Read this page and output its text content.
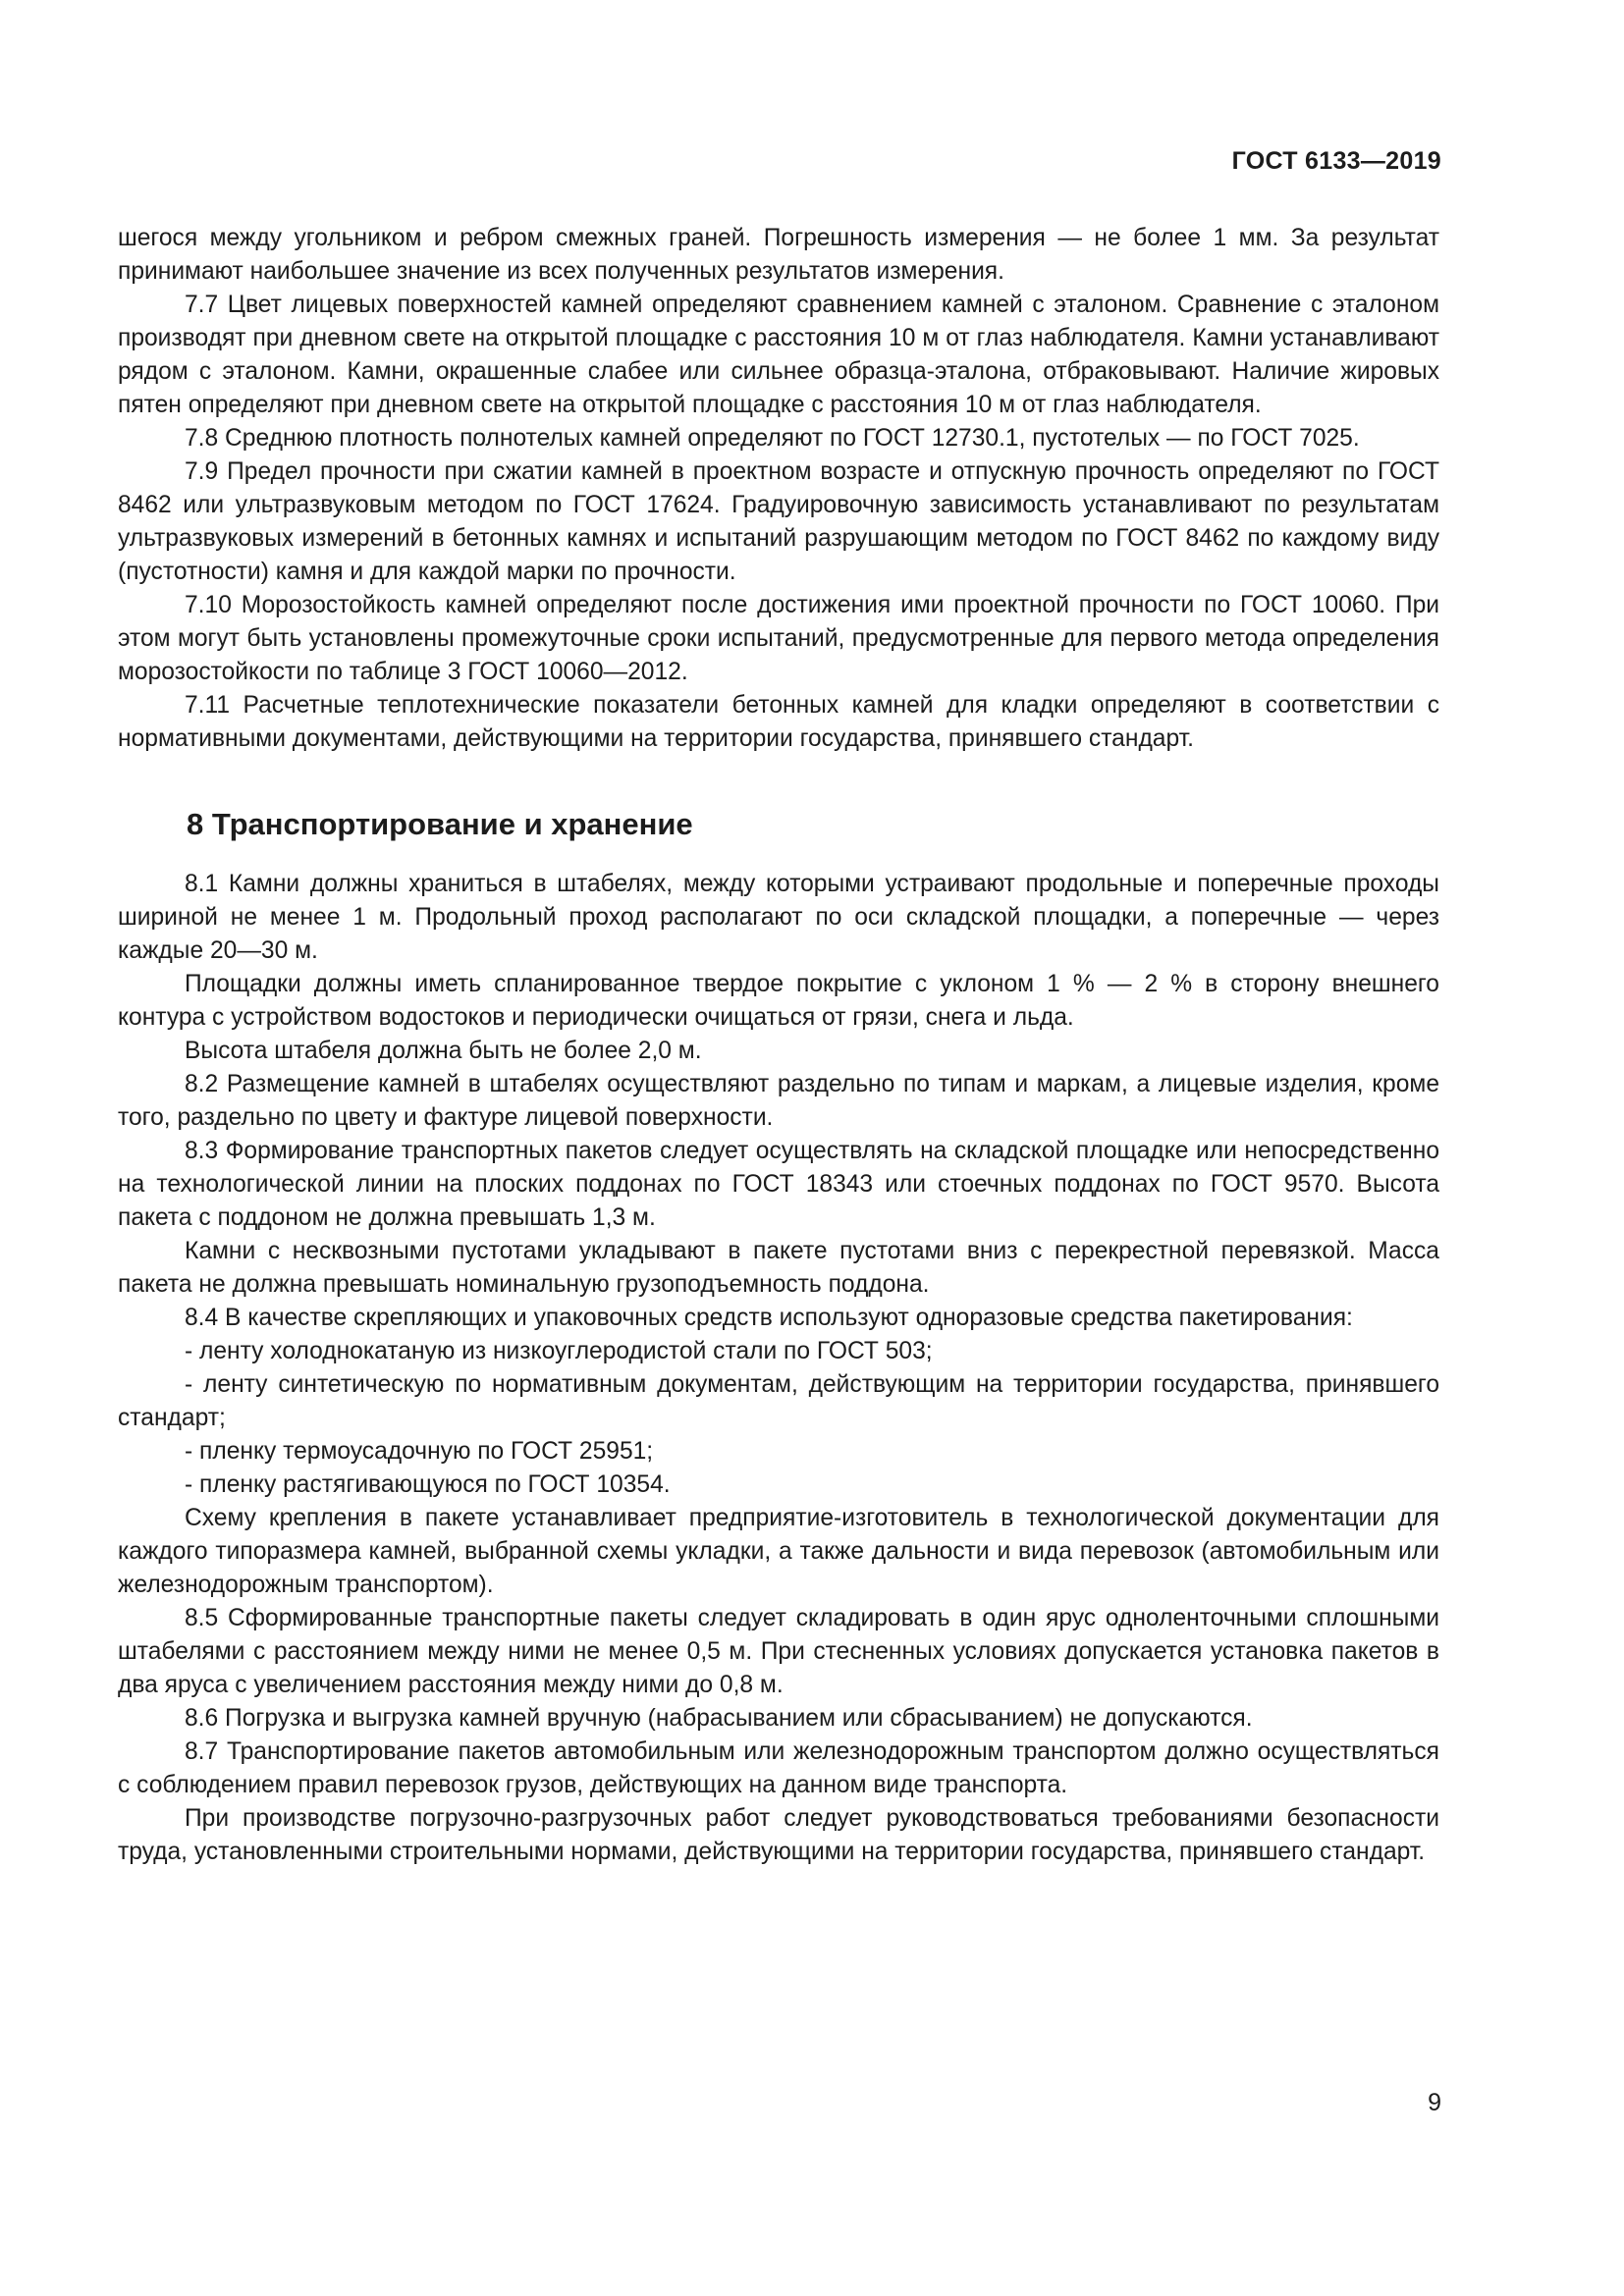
ГОСТ 6133—2019

шегося между угольником и ребром смежных граней. Погрешность измерения — не более 1 мм. За результат принимают наибольшее значение из всех полученных результатов измерения.

7.7 Цвет лицевых поверхностей камней определяют сравнением камней с эталоном. Сравнение с эталоном производят при дневном свете на открытой площадке с расстояния 10 м от глаз наблюдателя. Камни устанавливают рядом с эталоном. Камни, окрашенные слабее или сильнее образца-эталона, отбраковывают. Наличие жировых пятен определяют при дневном свете на открытой площадке с расстояния 10 м от глаз наблюдателя.

7.8 Среднюю плотность полнотелых камней определяют по ГОСТ 12730.1, пустотелых — по ГОСТ 7025.

7.9 Предел прочности при сжатии камней в проектном возрасте и отпускную прочность определяют по ГОСТ 8462 или ультразвуковым методом по ГОСТ 17624. Градуировочную зависимость устанавливают по результатам ультразвуковых измерений в бетонных камнях и испытаний разрушающим методом по ГОСТ 8462 по каждому виду (пустотности) камня и для каждой марки по прочности.

7.10 Морозостойкость камней определяют после достижения ими проектной прочности по ГОСТ 10060. При этом могут быть установлены промежуточные сроки испытаний, предусмотренные для первого метода определения морозостойкости по таблице 3 ГОСТ 10060—2012.

7.11 Расчетные теплотехнические показатели бетонных камней для кладки определяют в соответствии с нормативными документами, действующими на территории государства, принявшего стандарт.

8 Транспортирование и хранение

8.1 Камни должны храниться в штабелях, между которыми устраивают продольные и поперечные проходы шириной не менее 1 м. Продольный проход располагают по оси складской площадки, а поперечные — через каждые 20—30 м.

Площадки должны иметь спланированное твердое покрытие с уклоном 1 % — 2 % в сторону внешнего контура с устройством водостоков и периодически очищаться от грязи, снега и льда.

Высота штабеля должна быть не более 2,0 м.

8.2 Размещение камней в штабелях осуществляют раздельно по типам и маркам, а лицевые изделия, кроме того, раздельно по цвету и фактуре лицевой поверхности.

8.3 Формирование транспортных пакетов следует осуществлять на складской площадке или непосредственно на технологической линии на плоских поддонах по ГОСТ 18343 или стоечных поддонах по ГОСТ 9570. Высота пакета с поддоном не должна превышать 1,3 м.

Камни с несквозными пустотами укладывают в пакете пустотами вниз с перекрестной перевязкой. Масса пакета не должна превышать номинальную грузоподъемность поддона.

8.4 В качестве скрепляющих и упаковочных средств используют одноразовые средства пакетирования:

- ленту холоднокатаную из низкоуглеродистой стали по ГОСТ 503;

- ленту синтетическую по нормативным документам, действующим на территории государства, принявшего стандарт;

- пленку термоусадочную по ГОСТ 25951;

- пленку растягивающуюся по ГОСТ 10354.

Схему крепления в пакете устанавливает предприятие-изготовитель в технологической документации для каждого типоразмера камней, выбранной схемы укладки, а также дальности и вида перевозок (автомобильным или железнодорожным транспортом).

8.5 Сформированные транспортные пакеты следует складировать в один ярус одноленточными сплошными штабелями с расстоянием между ними не менее 0,5 м. При стесненных условиях допускается установка пакетов в два яруса с увеличением расстояния между ними до 0,8 м.

8.6 Погрузка и выгрузка камней вручную (набрасыванием или сбрасыванием) не допускаются.

8.7 Транспортирование пакетов автомобильным или железнодорожным транспортом должно осуществляться с соблюдением правил перевозок грузов, действующих на данном виде транспорта.

При производстве погрузочно-разгрузочных работ следует руководствоваться требованиями безопасности труда, установленными строительными нормами, действующими на территории государства, принявшего стандарт.

9
